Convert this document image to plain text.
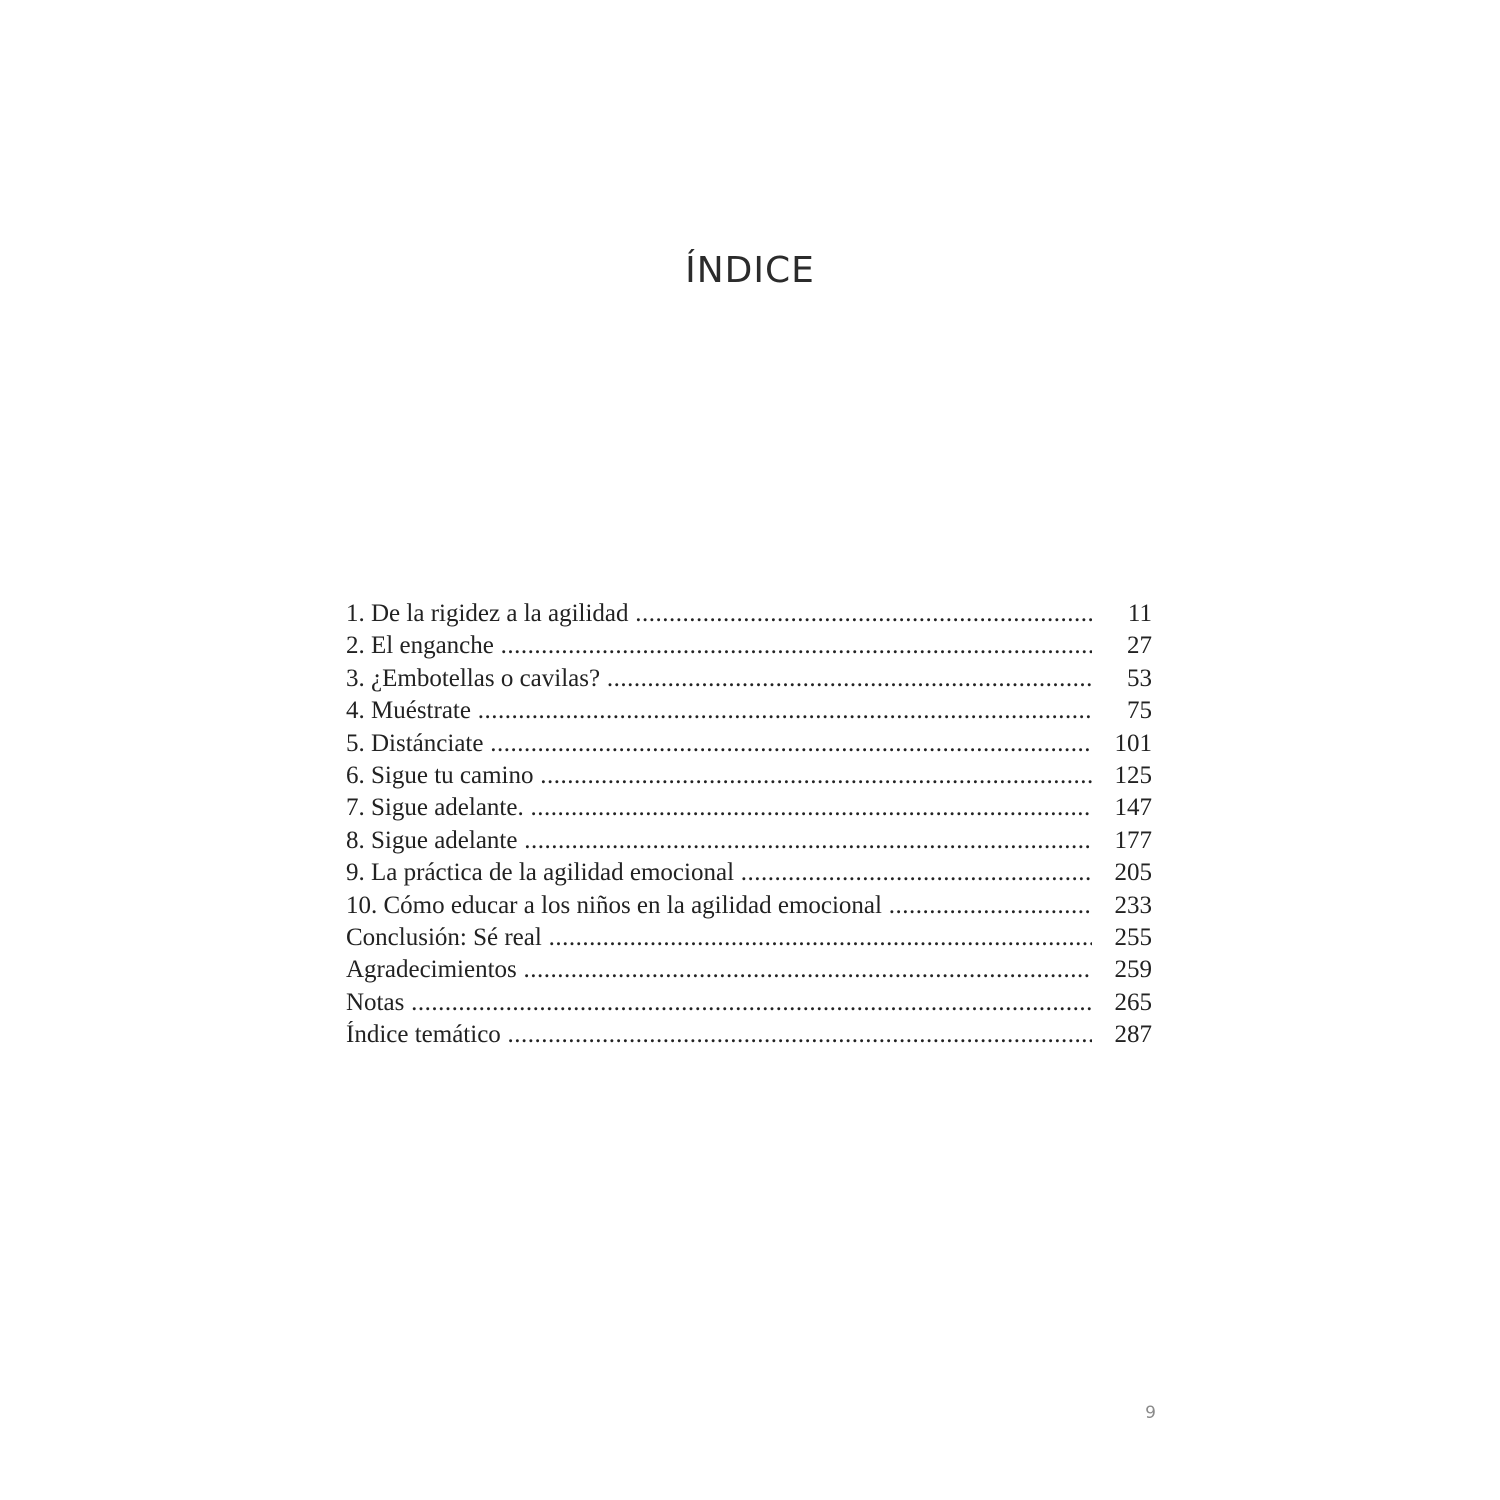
ÍNDICE
1. De la rigidez a la agilidad .....	11
2. El enganche .....	27
3. ¿Embotellas o cavilas? .....	53
4. Muéstrate .....	75
5. Distánciate .....	101
6. Sigue tu camino .....	125
7. Sigue adelante. .....	147
8. Sigue adelante .....	177
9. La práctica de la agilidad emocional .....	205
10. Cómo educar a los niños en la agilidad emocional .....	233
Conclusión: Sé real .....	255
Agradecimientos .....	259
Notas .....	265
Índice temático .....	287
9
